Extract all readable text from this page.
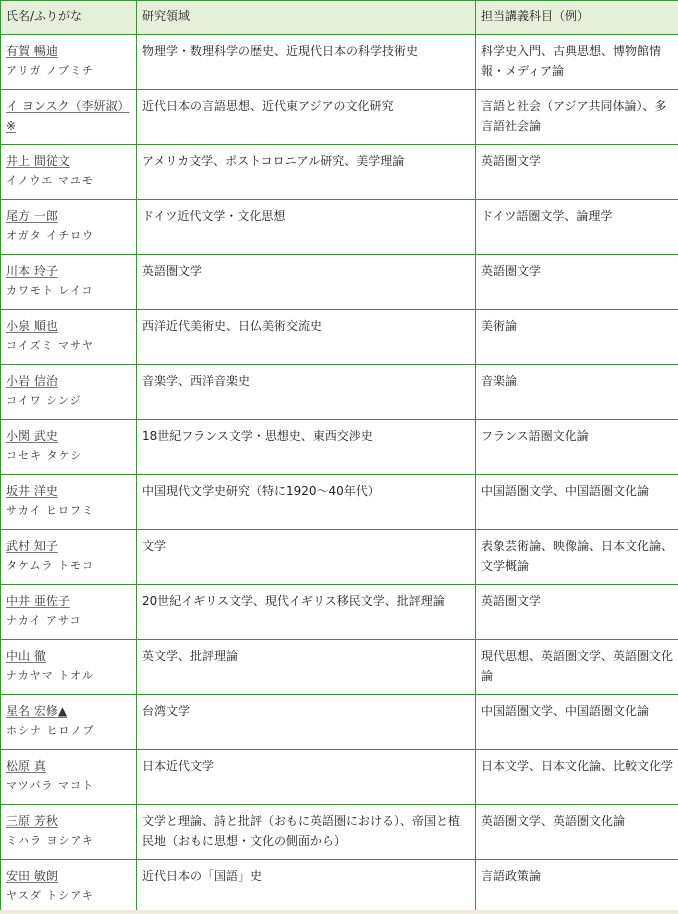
氏名/ふりがな	研究領域	担当講義科目（例）

有賀 暢迪
アリガ ノブミチ	物理学・数理科学の歴史、近現代日本の科学技術史	科学史入門、古典思想、博物館情報・メディア論

イ ヨンスク（李妍淑）※	近代日本の言語思想、近代東アジアの文化研究	言語と社会（アジア共同体論）、多言語社会論

井上 間従文
イノウエ マユモ	アメリカ文学、ポストコロニアル研究、美学理論	英語圏文学

尾方 一郎
オガタ イチロウ	ドイツ近代文学・文化思想	ドイツ語圏文学、論理学

川本 玲子
カワモト レイコ	英語圏文学	英語圏文学

小泉 順也
コイズミ マサヤ	西洋近代美術史、日仏美術交流史	美術論

小岩 信治
コイワ シンジ	音楽学、西洋音楽史	音楽論

小関 武史
コセキ タケシ	18世紀フランス文学・思想史、東西交渉史	フランス語圏文化論

坂井 洋史
サカイ ヒロフミ	中国現代文学史研究（特に1920～40年代）	中国語圏文学、中国語圏文化論

武村 知子
タケムラ トモコ	文学	表象芸術論、映像論、日本文化論、文学概論

中井 亜佐子
ナカイ アサコ	20世紀イギリス文学、現代イギリス移民文学、批評理論	英語圏文学

中山 徹
ナカヤマ トオル	英文学、批評理論	現代思想、英語圏文学、英語圏文化論

星名 宏修▲
ホシナ ヒロノブ	台湾文学	中国語圏文学、中国語圏文化論

松原 真
マツバラ マコト	日本近代文学	日本文学、日本文化論、比較文化学

三原 芳秋
ミハラ ヨシアキ	文学と理論、詩と批評（おもに英語圏における）、帝国と植民地（おもに思想・文化の側面から）	英語圏文学、英語圏文化論

安田 敏朗
ヤスダ トシアキ	近代日本の「国語」史	言語政策論
